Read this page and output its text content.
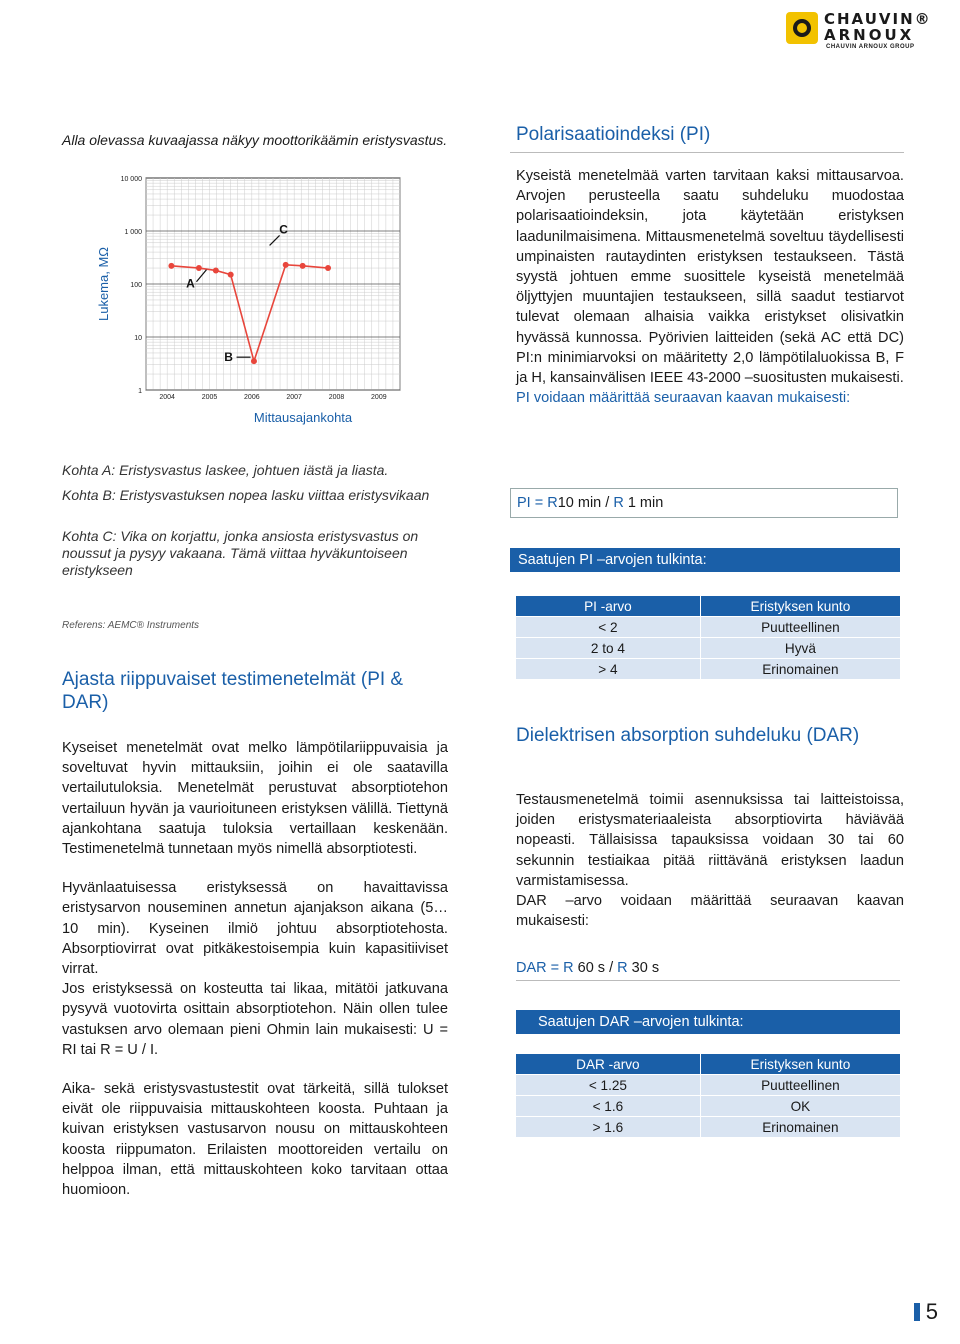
CHAUVIN®
ARNOUX
CHAUVIN ARNOUX GROUP
Alla olevassa kuvaajassa näkyy moottorikäämin eristysvastus.
1
10
100
1 000
10 000
2004	2005	2006	2007	2008	2009
Lukema, MΩ
Mittausajankohta
A
B
C
Kohta A: Eristysvastus laskee, johtuen iästä ja liasta.
Kohta B: Eristysvastuksen nopea lasku viittaa eristysvikaan
Kohta C: Vika on korjattu, jonka ansiosta eristysvastus on noussut ja pysyy vakaana. Tämä viittaa hyväkuntoiseen eristykseen
Referens: AEMC® Instruments
Ajasta riippuvaiset testimenetelmät (PI & DAR)

Kyseiset menetelmät ovat melko lämpötilariippuvaisia ja soveltuvat hyvin mittauksiin, joihin ei ole saatavilla vertailutuloksia. Menetelmät perustuvat absorptiotehon vertailuun hyvän ja vaurioituneen eristyksen välillä. Tiettynä ajankohtana saatuja tuloksia vertaillaan keskenään. Testimenetelmä tunnetaan myös nimellä absorptiotesti.

Hyvänlaatuisessa eristyksessä on havaittavissa eristysarvon nouseminen annetun ajanjakson aikana (5…10 min). Kyseinen ilmiö johtuu absorptiotehosta. Absorptiovirrat ovat pitkäkestoisempia kuin kapasitiiviset virrat.

Jos eristyksessä on kosteutta tai likaa, mitätöi jatkuvana pysyvä vuotovirta osittain absorptiotehon. Näin ollen tulee vastuksen arvo olemaan pieni Ohmin lain mukaisesti: U = RI tai R = U / I.

Aika- sekä eristysvastustestit ovat tärkeitä, sillä tulokset eivät ole riippuvaisia mittauskohteen koosta. Puhtaan ja kuivan eristyksen vastusarvon nousu on mittauskohteen koosta riippumaton. Erilaisten moottoreiden vertailu on helppoa ilman, että mittauskohteen koko tarvitaan ottaa huomioon.

Polarisaatioindeksi (PI)

Kyseistä menetelmää varten tarvitaan kaksi mittausarvoa. Arvojen perusteella saatu suhdeluku muodostaa polarisaatioindeksin, jota käytetään eristyksen laadunilmaisimena. Mittausmenetelmä soveltuu täydellisesti umpinaisten rautaydinten eristyksen testaukseen. Tästä syystä johtuen emme suosittele kyseistä menetelmää öljyttyjen muuntajien testaukseen, sillä saadut testiarvot tulevat olemaan alhaisia vaikka eristykset olisivatkin hyvässä kunnossa. Pyörivien laitteiden (sekä AC että DC) PI:n minimiarvoksi on määritetty 2,0 lämpötilaluokissa B, F ja H, kansainvälisen IEEE 43-2000 –suositusten mukaisesti.

PI voidaan määrittää seuraavan kaavan mukaisesti:

PI = R10 min / R 1 min
Saatujen PI –arvojen tulkinta:
PI -arvo	Eristyksen kunto
< 2	Puutteellinen
2 to 4	Hyvä
> 4	Erinomainen
Dielektrisen absorption suhdeluku (DAR)

Testausmenetelmä toimii asennuksissa tai laitteistoissa, joiden eristysmateriaaleista absorptiovirta häviävää nopeasti. Tällaisissa tapauksissa voidaan 30 tai 60 sekunnin testiaikaa pitää riittävänä eristyksen laadun varmistamisessa.

DAR –arvo voidaan määrittää seuraavan kaavan mukaisesti:

DAR = R 60 s / R 30 s
Saatujen DAR –arvojen tulkinta:
DAR -arvo	Eristyksen kunto
< 1.25	Puutteellinen
< 1.6	OK
> 1.6	Erinomainen
5
